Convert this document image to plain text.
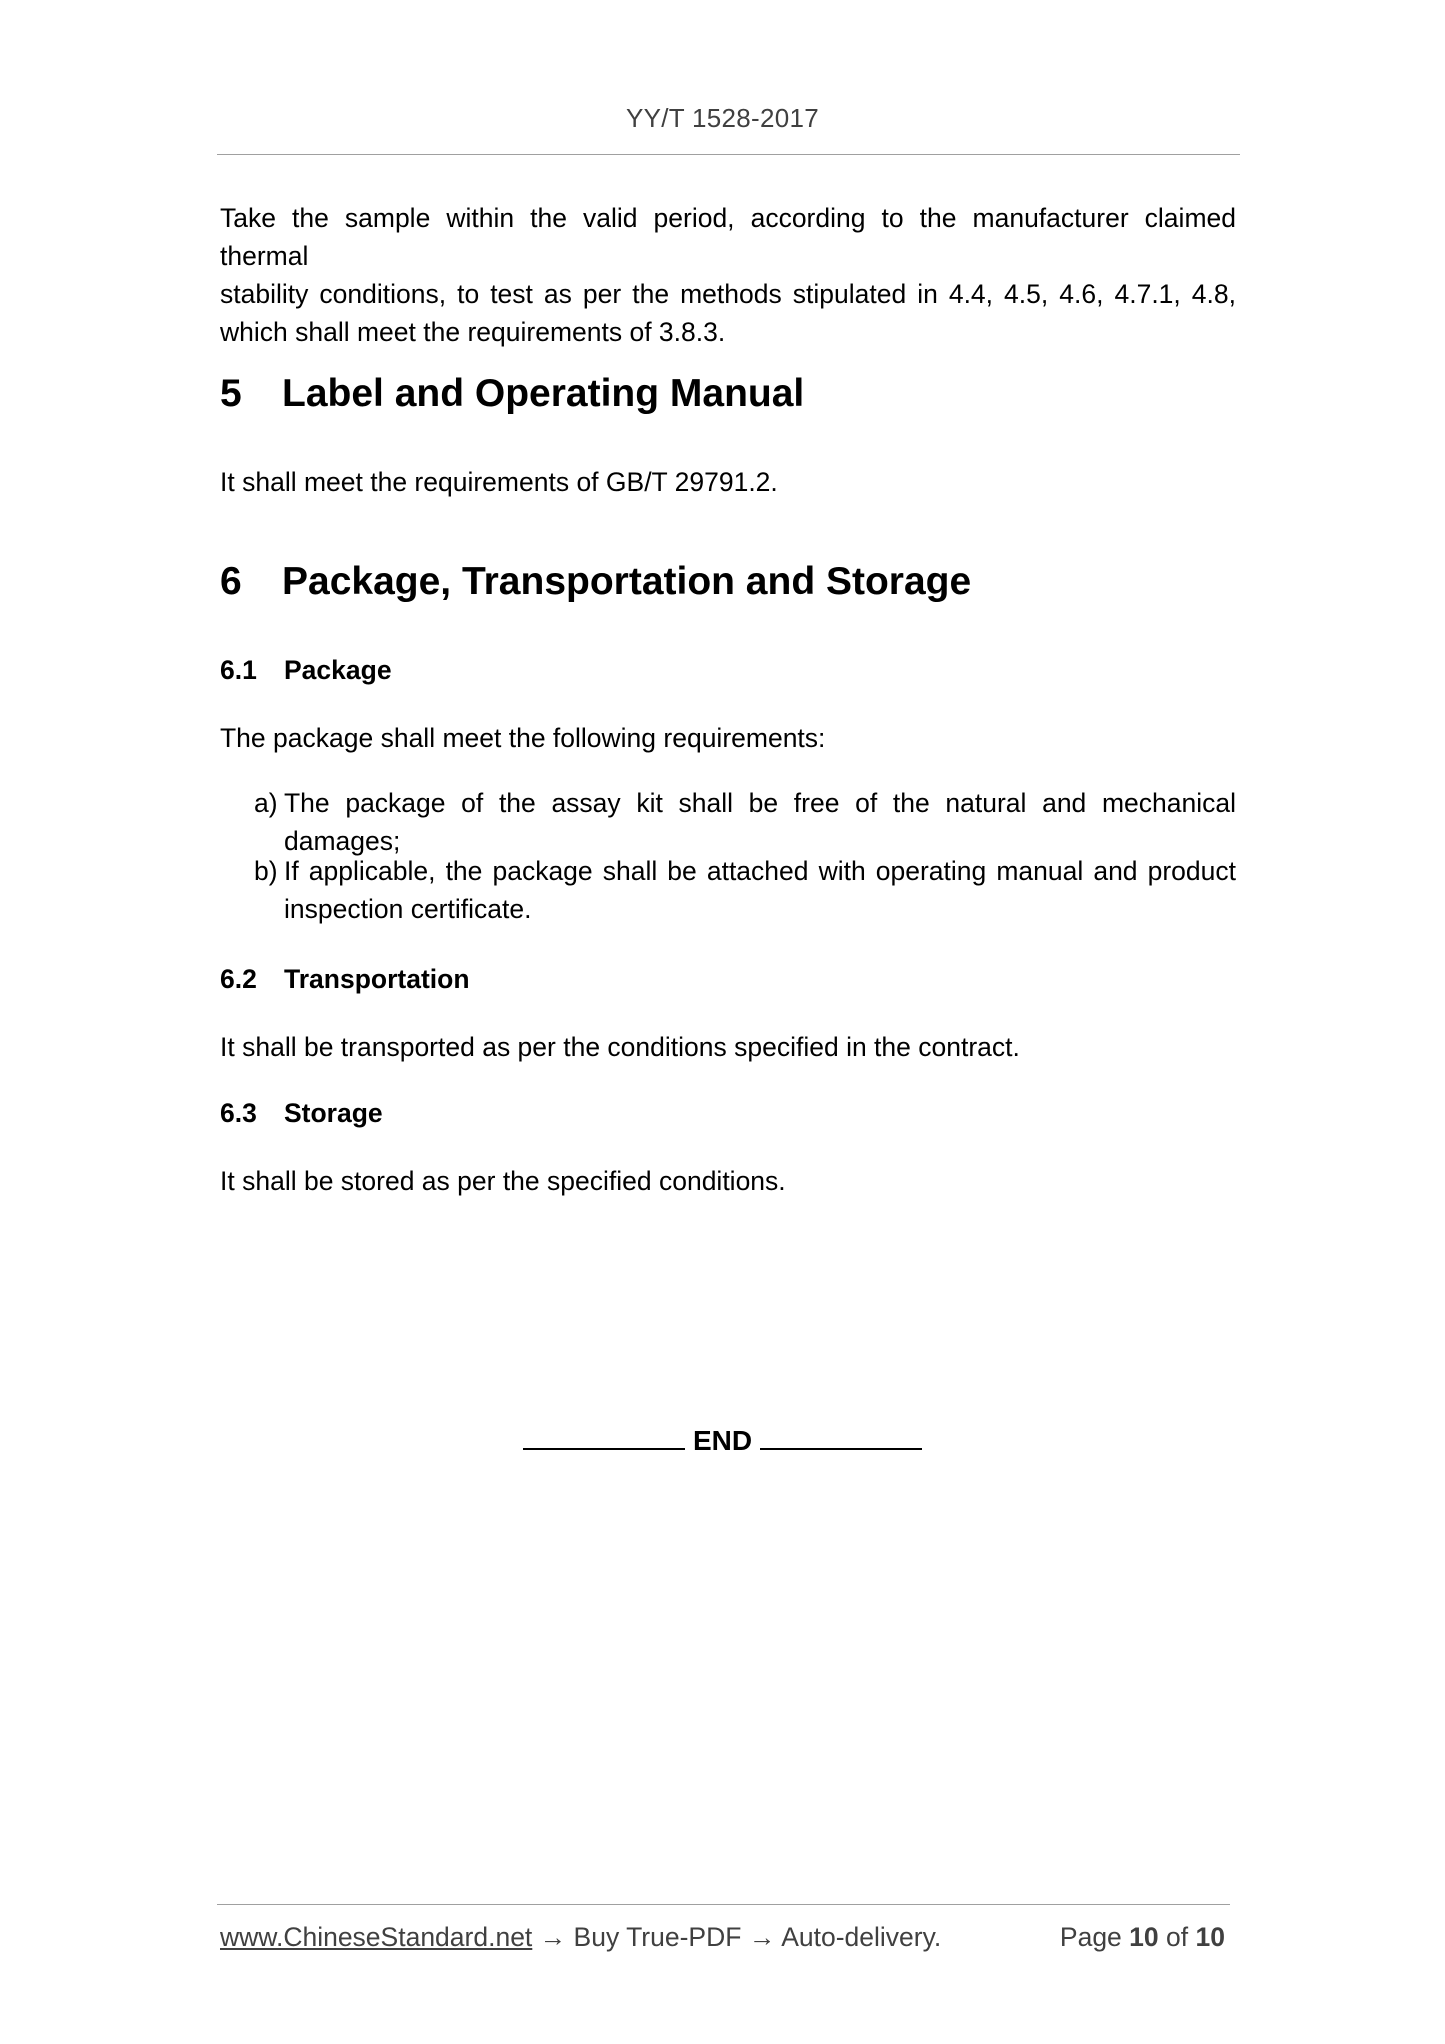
YY/T 1528-2017
Take the sample within the valid period, according to the manufacturer claimed thermal
stability conditions, to test as per the methods stipulated in 4.4, 4.5, 4.6, 4.7.1, 4.8,
which shall meet the requirements of 3.8.3.
5 Label and Operating Manual
It shall meet the requirements of GB/T 29791.2.
6 Package, Transportation and Storage
6.1 Package
The package shall meet the following requirements:
a) The package of the assay kit shall be free of the natural and mechanical damages;
b) If applicable, the package shall be attached with operating manual and product
inspection certificate.
6.2 Transportation
It shall be transported as per the conditions specified in the contract.
6.3 Storage
It shall be stored as per the specified conditions.
END
www.ChineseStandard.net → Buy True-PDF → Auto-delivery.	Page 10 of 10
